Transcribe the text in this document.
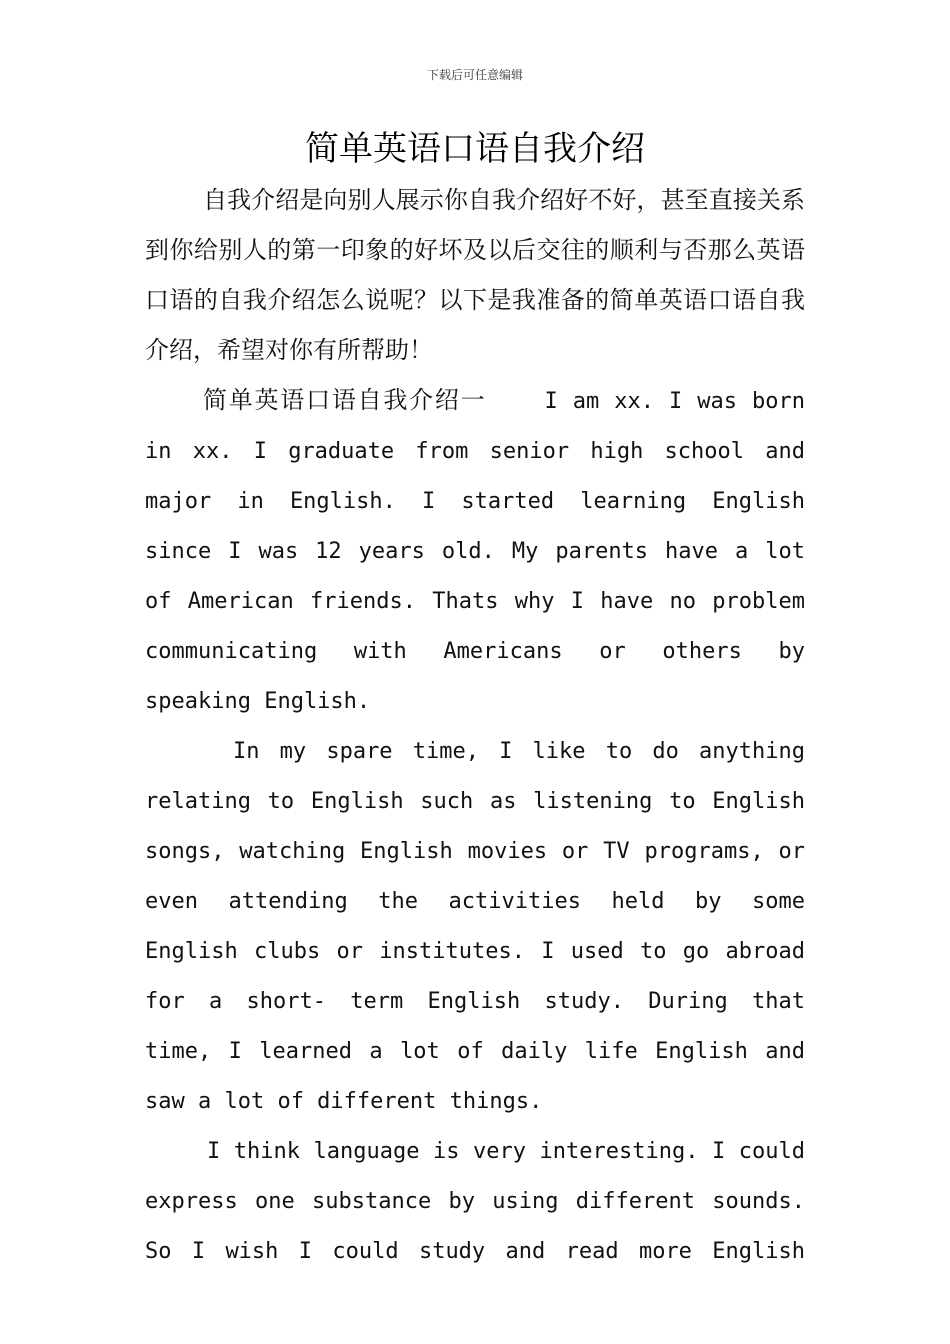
下载后可任意编辑
简单英语口语自我介绍

自我介绍是向别人展示你自我介绍好不好，甚至直接关系到你给别人的第一印象的好坏及以后交往的顺利与否那么英语口语的自我介绍怎么说呢？以下是我准备的简单英语口语自我介绍，希望对你有所帮助！

简单英语口语自我介绍一	I am xx. I was born in xx. I graduate from senior high school and major in English. I started learning English since I was 12 years old. My parents have a lot of American friends. Thats why I have no problem communicating with Americans or others by speaking English.

In my spare time, I like to do anything relating to English such as listening to English songs, watching English movies or TV programs, or even attending the activities held by some English clubs or institutes. I used to go abroad for a short- term English study. During that time, I learned a lot of daily life English and saw a lot of different things.

I think language is very interesting. I could express one substance by using different sounds. So I wish I could study and read more English
